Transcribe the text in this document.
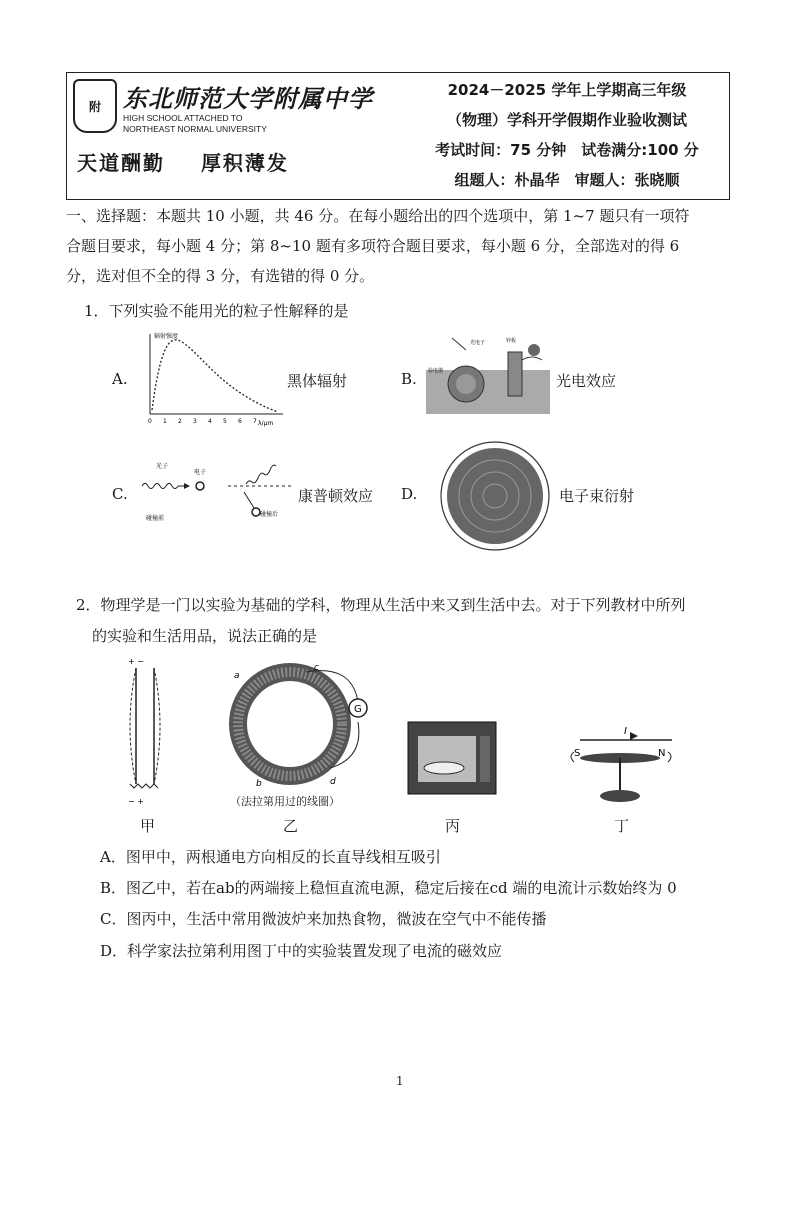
附 东北师范大学附属中学
HIGH SCHOOL ATTACHED TO
NORTHEAST NORMAL UNIVERSITY
天道酬勤 厚积薄发
2024－2025 学年上学期高三年级
（物理）学科开学假期作业验收测试
考试时间：75 分钟　试卷满分:100 分
组题人：朴晶华　审题人：张晓顺
一、选择题：本题共 10 小题，共 46 分。在每小题给出的四个选项中，第 1~7 题只有一项符
合题目要求，每小题 4 分；第 8~10 题有多项符合题目要求，每小题 6 分，全部选对的得 6
分，选对但不全的得 3 分，有选错的得 0 分。
1．下列实验不能用光的粒子性解释的是
A.
辐射强度
λ/μm
0 1 2 3 4 5 6 7
黑体辐射	B.
光电子	锌板
验电器
光电效应
C.
电子
光子
碰撞前
碰撞后
康普顿效应 D.	电子束衍射
2．物理学是一门以实验为基础的学科，物理从生活中来又到生活中去。对于下列教材中所列
的实验和生活用品，说法正确的是
+ −
− +
甲
G
a
b
c
d
（法拉第用过的线圈）
乙	丙
I
S	N
丁
A．图甲中，两根通电方向相反的长直导线相互吸引
B．图乙中，若在ab的两端接上稳恒直流电源，稳定后接在cd 端的电流计示数始终为 0
C．图丙中，生活中常用微波炉来加热食物，微波在空气中不能传播
D．科学家法拉第利用图丁中的实验装置发现了电流的磁效应
1
